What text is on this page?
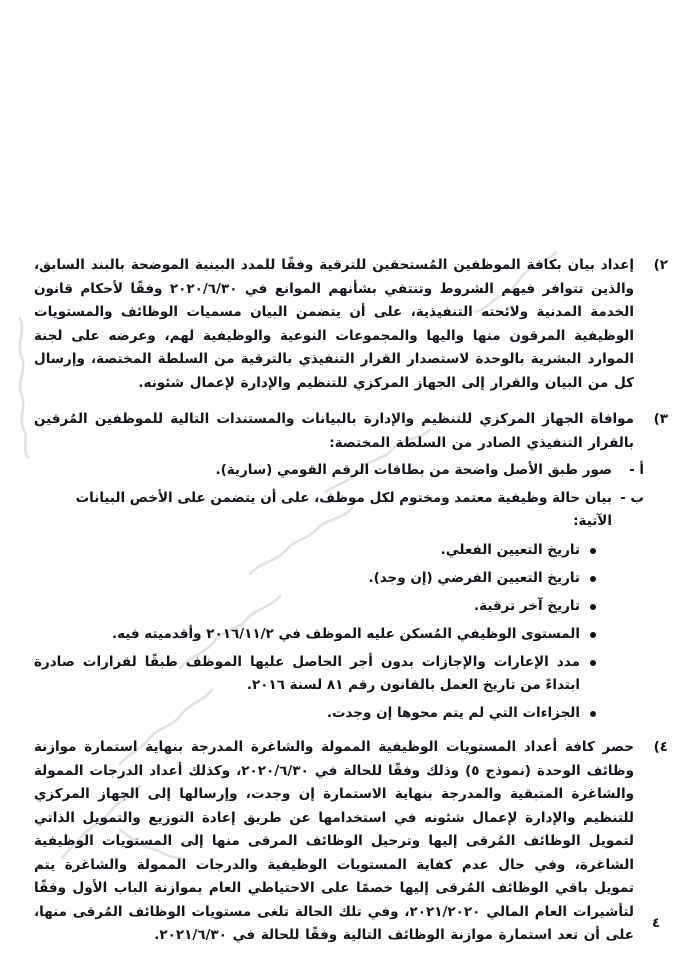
٢)

إعداد بيان بكافة الموظفين المُستحقين للترقية وفقًا للمدد البينية الموضحة بالبند السابق، والذين تتوافر فيهم الشروط وتنتفي بشأنهم الموانع في ٢٠٢٠/٦/٣٠ وفقًا لأحكام قانون الخدمة المدنية ولائحته التنفيذية، على أن يتضمن البيان مسميات الوظائف والمستويات الوظيفية المرقون منها واليها والمجموعات النوعية والوظيفية لهم، وعرضه على لجنة الموارد البشرية بالوحدة لاستصدار القرار التنفيذي بالترقية من السلطة المختصة، وإرسال كل من البيان والقرار إلى الجهاز المركزي للتنظيم والإدارة لإعمال شئونه.

٣)

موافاة الجهاز المركزي للتنظيم والإدارة بالبيانات والمستندات التالية للموظفين المُرقين بالقرار التنفيذي الصادر من السلطة المختصة:

أ -
صور طبق الأصل واضحة من بطاقات الرقم القومي (سارية).
ب -
بيان حالة وظيفية معتمد ومختوم لكل موظف، على أن يتضمن على الأخص البيانات الآتية:
تاريخ التعيين الفعلي.
تاريخ التعيين الفرضي (إن وجد).
تاريخ آخر ترقية.
المستوى الوظيفي المُسكن عليه الموظف في ٢٠١٦/١١/٢ وأقدميته فيه.
مدد الإعارات والإجازات بدون أجر الحاصل عليها الموظف طبقًا لقرارات صادرة ابتداءً من تاريخ العمل بالقانون رقم ٨١ لسنة ٢٠١٦.
الجزاءات التي لم يتم محوها إن وجدت.
٤)

حصر كافة أعداد المستويات الوظيفية الممولة والشاغرة المدرجة بنهاية استمارة موازنة وظائف الوحدة (نموذج ٥) وذلك وفقًا للحالة في ٢٠٢٠/٦/٣٠، وكذلك أعداد الدرجات الممولة والشاغرة المتبقية والمدرجة بنهاية الاستمارة إن وجدت، وإرسالها إلى الجهاز المركزي للتنظيم والإدارة لإعمال شئونه في استخدامها عن طريق إعادة التوزيع والتمويل الذاتي لتمويل الوظائف المُرقى إليها وترحيل الوظائف المرقى منها إلى المستويات الوظيفية الشاغرة، وفي حال عدم كفاية المستويات الوظيفية والدرجات الممولة والشاغرة يتم تمويل باقي الوظائف المُرقى إليها خصمًا على الاحتياطي العام بموازنة الباب الأول وفقًا لتأشيرات العام المالي ٢٠٢١/٢٠٢٠، وفي تلك الحالة تلغى مستويات الوظائف المُرقى منها، على أن تعد استمارة موازنة الوظائف التالية وفقًا للحالة في ٢٠٢١/٦/٣٠.

٤
